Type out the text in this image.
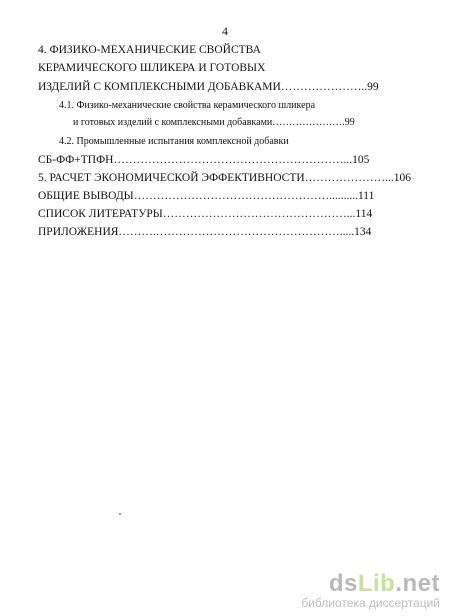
4
4. ФИЗИКО-МЕХАНИЧЕСКИЕ СВОЙСТВА
КЕРАМИЧЕСКОГО ШЛИКЕРА И ГОТОВЫХ
ИЗДЕЛИЙ С КОМПЛЕКСНЫМИ ДОБАВКАМИ…………………..99
4.1. Физико-механические свойства керамического шликера
и готовых изделий с комплексными добавками………………….99
4.2. Промышленные испытания комплексной добавки
СБ-ФФ+ТПФН……………………………………………………...105
5. РАСЧЕТ ЭКОНОМИЧЕСКОЙ ЭФФЕКТИВНОСТИ…………………...106
ОБЩИЕ ВЫВОДЫ……………………………………………..........111
СПИСОК ЛИТЕРАТУРЫ…………………………………………...114
ПРИЛОЖЕНИЯ……….………………………………………….....134
dsLib.net
библиотека диссертаций
